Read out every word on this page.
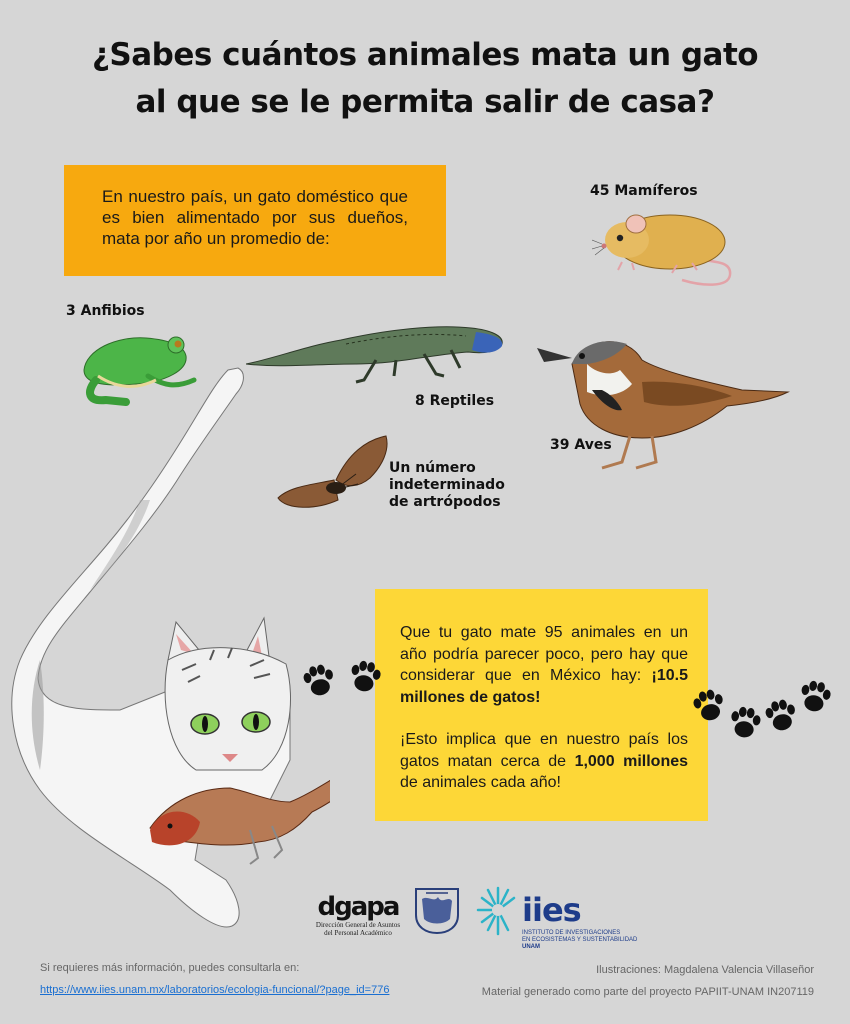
¿Sabes cuántos animales mata un gato
al que se le permita salir de casa?
En nuestro país, un gato doméstico que es bien alimentado por sus dueños, mata por año un promedio de:
45 Mamíferos
3 Anfibios
8 Reptiles
39 Aves
Un número
indeterminado
de artrópodos

Que tu gato mate 95 animales en un año podría parecer poco, pero hay que considerar que en México hay: ¡10.5 millones de gatos!

¡Esto implica que en nuestro país los gatos matan cerca de 1,000 millones de animales cada año!

dgapa
Dirección General de Asuntos
del Personal Académico
iies
INSTITUTO DE INVESTIGACIONES
EN ECOSISTEMAS Y SUSTENTABILIDAD
UNAM
Si requieres más información, puedes consultarla en:
https://www.iies.unam.mx/laboratorios/ecologia-funcional/?page_id=776
Ilustraciones: Magdalena Valencia Villaseñor
Material generado como parte del proyecto PAPIIT-UNAM IN207119
